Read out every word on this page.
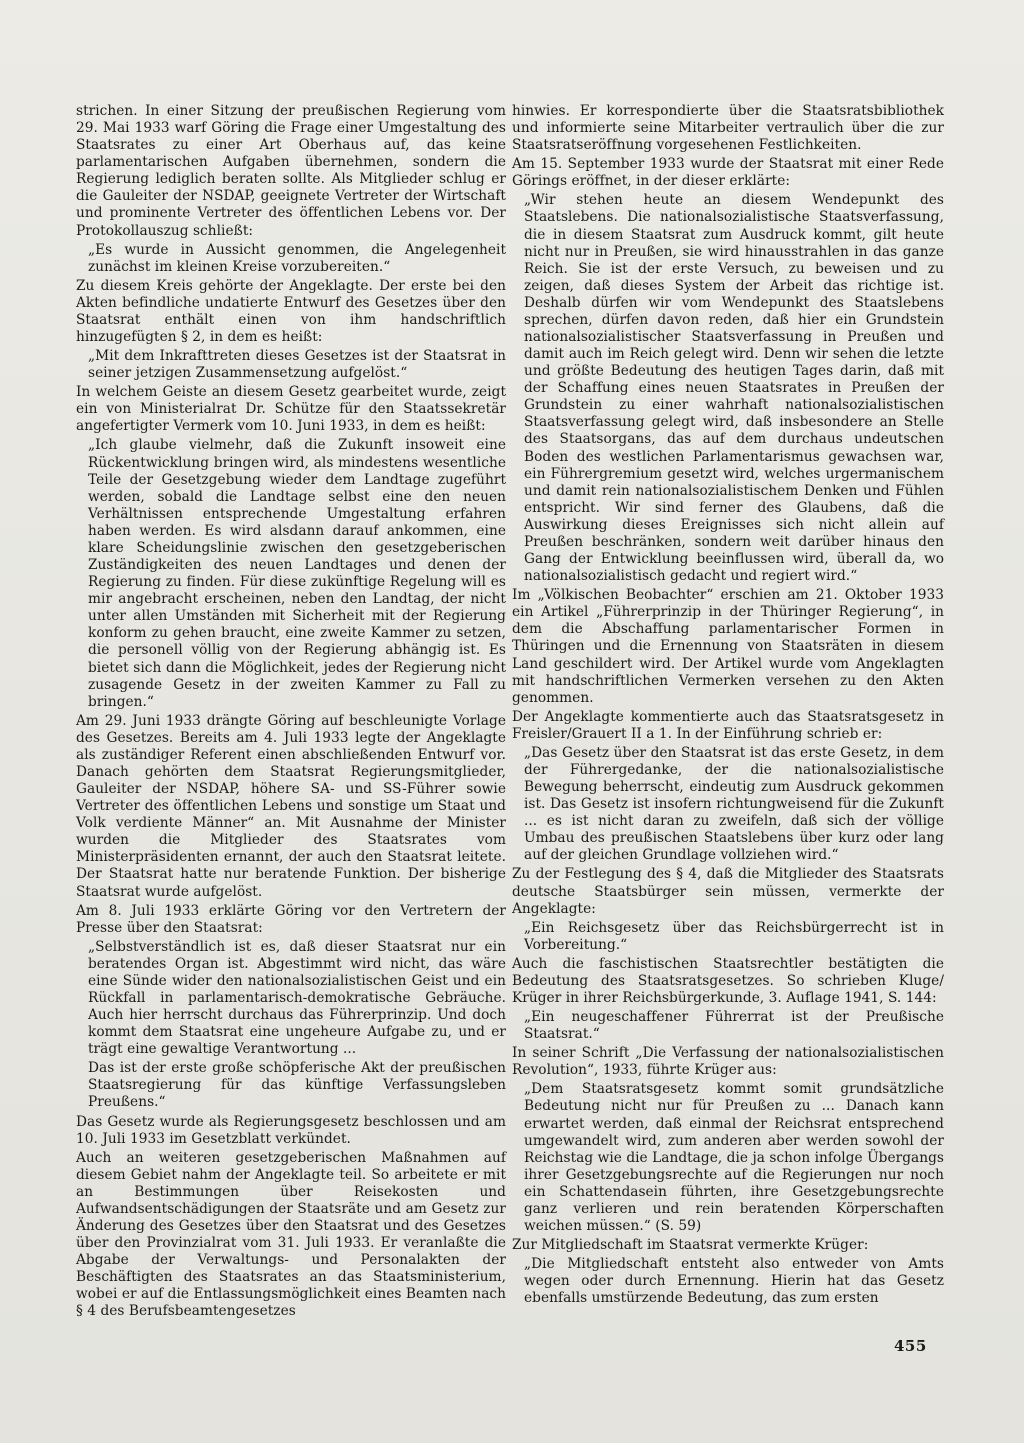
strichen. In einer Sitzung der preußischen Regierung vom 29. Mai 1933 warf Göring die Frage einer Umgestaltung des Staatsrates zu einer Art Oberhaus auf, das keine parlamentarischen Aufgaben übernehmen, sondern die Regierung lediglich beraten sollte. Als Mitglieder schlug er die Gauleiter der NSDAP, geeignete Vertreter der Wirtschaft und prominente Vertreter des öffentlichen Lebens vor. Der Protokollauszug schließt:

„Es wurde in Aussicht genommen, die Angelegenheit zunächst im kleinen Kreise vorzubereiten.“

Zu diesem Kreis gehörte der Angeklagte. Der erste bei den Akten befindliche undatierte Entwurf des Gesetzes über den Staatsrat enthält einen von ihm handschriftlich hinzugefügten § 2, in dem es heißt:

„Mit dem Inkrafttreten dieses Gesetzes ist der Staatsrat in seiner jetzigen Zusammensetzung aufgelöst.“

In welchem Geiste an diesem Gesetz gearbeitet wurde, zeigt ein von Ministerialrat Dr. Schütze für den Staatssekretär angefertigter Vermerk vom 10. Juni 1933, in dem es heißt:

„Ich glaube vielmehr, daß die Zukunft insoweit eine Rückentwicklung bringen wird, als mindestens wesentliche Teile der Gesetzgebung wieder dem Landtage zugeführt werden, sobald die Landtage selbst eine den neuen Verhältnissen entsprechende Umgestaltung erfahren haben werden. Es wird alsdann darauf ankommen, eine klare Scheidungslinie zwischen den gesetzgeberischen Zuständigkeiten des neuen Landtages und denen der Regierung zu finden. Für diese zukünftige Regelung will es mir angebracht erscheinen, neben den Landtag, der nicht unter allen Umständen mit Sicherheit mit der Regierung konform zu gehen braucht, eine zweite Kammer zu setzen, die personell völlig von der Regierung abhängig ist. Es bietet sich dann die Möglichkeit, jedes der Regierung nicht zusagende Gesetz in der zweiten Kammer zu Fall zu bringen.“

Am 29. Juni 1933 drängte Göring auf beschleunigte Vorlage des Gesetzes. Bereits am 4. Juli 1933 legte der Angeklagte als zuständiger Referent einen abschließenden Entwurf vor. Danach gehörten dem Staatsrat Regierungsmitglieder, Gauleiter der NSDAP, höhere SA- und SS-Führer sowie Vertreter des öffentlichen Lebens und sonstige um Staat und Volk verdiente Männer“ an. Mit Ausnahme der Minister wurden die Mitglieder des Staatsrates vom Ministerpräsidenten ernannt, der auch den Staatsrat leitete. Der Staatsrat hatte nur beratende Funktion. Der bisherige Staatsrat wurde aufgelöst.

Am 8. Juli 1933 erklärte Göring vor den Vertretern der Presse über den Staatsrat:

„Selbstverständlich ist es, daß dieser Staatsrat nur ein beratendes Organ ist. Abgestimmt wird nicht, das wäre eine Sünde wider den nationalsozialistischen Geist und ein Rückfall in parlamentarisch-demokratische Gebräuche. Auch hier herrscht durchaus das Führerprinzip. Und doch kommt dem Staatsrat eine ungeheure Aufgabe zu, und er trägt eine gewaltige Verantwortung ...

Das ist der erste große schöpferische Akt der preußischen Staatsregierung für das künftige Verfassungsleben Preußens.“

Das Gesetz wurde als Regierungsgesetz beschlossen und am 10. Juli 1933 im Gesetzblatt verkündet.

Auch an weiteren gesetzgeberischen Maßnahmen auf diesem Gebiet nahm der Angeklagte teil. So arbeitete er mit an Bestimmungen über Reisekosten und Aufwandsentschädigungen der Staatsräte und am Gesetz zur Änderung des Gesetzes über den Staatsrat und des Gesetzes über den Provinzialrat vom 31. Juli 1933. Er veranlaßte die Abgabe der Verwaltungs- und Personalakten der Beschäftigten des Staatsrates an das Staatsministerium, wobei er auf die Entlassungsmöglichkeit eines Beamten nach § 4 des Berufsbeamtengesetzes

hinwies. Er korrespondierte über die Staatsratsbibliothek und informierte seine Mitarbeiter vertraulich über die zur Staatsratseröffnung vorgesehenen Festlichkeiten.

Am 15. September 1933 wurde der Staatsrat mit einer Rede Görings eröffnet, in der dieser erklärte:

„Wir stehen heute an diesem Wendepunkt des Staatslebens. Die nationalsozialistische Staatsverfassung, die in diesem Staatsrat zum Ausdruck kommt, gilt heute nicht nur in Preußen, sie wird hinausstrahlen in das ganze Reich. Sie ist der erste Versuch, zu beweisen und zu zeigen, daß dieses System der Arbeit das richtige ist. Deshalb dürfen wir vom Wendepunkt des Staatslebens sprechen, dürfen davon reden, daß hier ein Grundstein nationalsozialistischer Staatsverfassung in Preußen und damit auch im Reich gelegt wird. Denn wir sehen die letzte und größte Bedeutung des heutigen Tages darin, daß mit der Schaffung eines neuen Staatsrates in Preußen der Grundstein zu einer wahrhaft nationalsozialistischen Staatsverfassung gelegt wird, daß insbesondere an Stelle des Staatsorgans, das auf dem durchaus undeutschen Boden des westlichen Parlamentarismus gewachsen war, ein Führergremium gesetzt wird, welches urgermanischem und damit rein nationalsozialistischem Denken und Fühlen entspricht. Wir sind ferner des Glaubens, daß die Auswirkung dieses Ereignisses sich nicht allein auf Preußen beschränken, sondern weit darüber hinaus den Gang der Entwicklung beeinflussen wird, überall da, wo nationalsozialistisch gedacht und regiert wird.“

Im „Völkischen Beobachter“ erschien am 21. Oktober 1933 ein Artikel „Führerprinzip in der Thüringer Regierung“, in dem die Abschaffung parlamentarischer Formen in Thüringen und die Ernennung von Staatsräten in diesem Land geschildert wird. Der Artikel wurde vom Angeklagten mit handschriftlichen Vermerken versehen zu den Akten genommen.

Der Angeklagte kommentierte auch das Staatsratsgesetz in Freisler/Grauert II a 1. In der Einführung schrieb er:

„Das Gesetz über den Staatsrat ist das erste Gesetz, in dem der Führergedanke, der die nationalsozialistische Bewegung beherrscht, eindeutig zum Ausdruck gekommen ist. Das Gesetz ist insofern richtungweisend für die Zukunft ... es ist nicht daran zu zweifeln, daß sich der völlige Umbau des preußischen Staatslebens über kurz oder lang auf der gleichen Grundlage vollziehen wird.“

Zu der Festlegung des § 4, daß die Mitglieder des Staatsrats deutsche Staatsbürger sein müssen, vermerkte der Angeklagte:

„Ein Reichsgesetz über das Reichsbürgerrecht ist in Vorbereitung.“

Auch die faschistischen Staatsrechtler bestätigten die Bedeutung des Staatsratsgesetzes. So schrieben Kluge/ Krüger in ihrer Reichsbürgerkunde, 3. Auflage 1941, S. 144:

„Ein neugeschaffener Führerrat ist der Preußische Staatsrat.“

In seiner Schrift „Die Verfassung der nationalsozialistischen Revolution“, 1933, führte Krüger aus:

„Dem Staatsratsgesetz kommt somit grundsätzliche Bedeutung nicht nur für Preußen zu ... Danach kann erwartet werden, daß einmal der Reichsrat entsprechend umgewandelt wird, zum anderen aber werden sowohl der Reichstag wie die Landtage, die ja schon infolge Übergangs ihrer Gesetzgebungsrechte auf die Regierungen nur noch ein Schattendasein führten, ihre Gesetzgebungsrechte ganz verlieren und rein beratenden Körperschaften weichen müssen.“ (S. 59)

Zur Mitgliedschaft im Staatsrat vermerkte Krüger:

„Die Mitgliedschaft entsteht also entweder von Amts wegen oder durch Ernennung. Hierin hat das Gesetz ebenfalls umstürzende Bedeutung, das zum ersten

455
